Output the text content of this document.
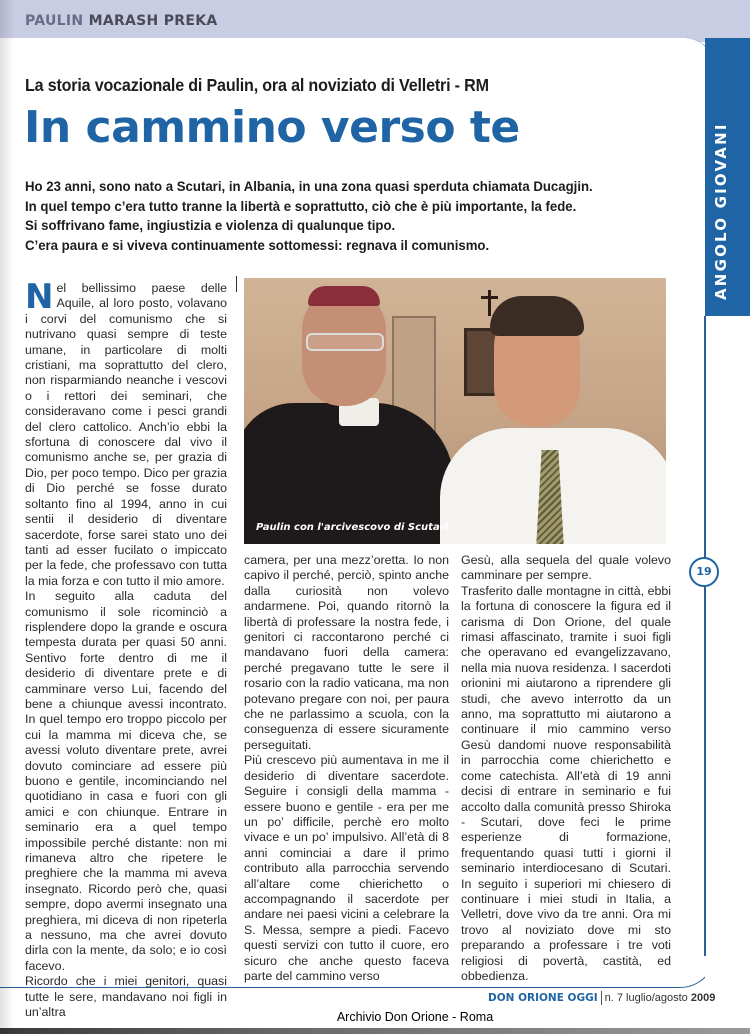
PAULIN MARASH PREKA
ANGOLO GIOVANI
La storia vocazionale di Paulin, ora al noviziato di Velletri - RM
In cammino verso te
Ho 23 anni, sono nato a Scutari, in Albania, in una zona quasi sperduta chiamata Ducagjin.
In quel tempo c’era tutto tranne la libertà e soprattutto, ciò che è più importante, la fede.
Si soffrivano fame, ingiustizia e violenza di qualunque tipo.
C’era paura e si viveva continuamente sottomessi: regnava il comunismo.

Nel bellissimo paese delle Aquile, al loro posto, volavano i corvi del comunismo che si nutrivano quasi sempre di teste umane, in particolare di molti cristiani, ma soprattutto del clero, non risparmiando neanche i vescovi o i rettori dei seminari, che consideravano come i pesci grandi del clero cattolico. Anch’io ebbi la sfortuna di conoscere dal vivo il comunismo anche se, per grazia di Dio, per poco tempo. Dico per grazia di Dio perché se fosse durato soltanto fino al 1994, anno in cui sentii il desiderio di diventare sacerdote, forse sarei stato uno dei tanti ad esser fucilato o impiccato per la fede, che professavo con tutta la mia forza e con tutto il mio amore.

In seguito alla caduta del comunismo il sole ricominciò a risplendere dopo la grande e oscura tempesta durata per quasi 50 anni. Sentivo forte dentro di me il desiderio di diventare prete e di camminare verso Lui, facendo del bene a chiunque avessi incontrato. In quel tempo ero troppo piccolo per cui la mamma mi diceva che, se avessi voluto diventare prete, avrei dovuto cominciare ad essere più buono e gentile, incominciando nel quotidiano in casa e fuori con gli amici e con chiunque. Entrare in seminario era a quel tempo impossibile perché distante: non mi rimaneva altro che ripetere le preghiere che la mamma mi aveva insegnato. Ricordo però che, quasi sempre, dopo avermi insegnato una preghiera, mi diceva di non ripeterla a nessuno, ma che avrei dovuto dirla con la mente, da solo; e io così facevo.

Ricordo che i miei genitori, quasi tutte le sere, mandavano noi figli in un’altra

Paulin con l'arcivescovo di Scutari

camera, per una mezz’oretta. Io non capivo il perché, perciò, spinto anche dalla curiosità non volevo andarmene. Poi, quando ritornò la libertà di professare la nostra fede, i genitori ci raccontarono perché ci mandavano fuori della camera: perché pregavano tutte le sere il rosario con la radio vaticana, ma non potevano pregare con noi, per paura che ne parlassimo a scuola, con la conseguenza di essere sicuramente perseguitati.

Più crescevo più aumentava in me il desiderio di diventare sacerdote. Seguire i consigli della mamma - essere buono e gentile - era per me un po’ difficile, perchè ero molto vivace e un po’ impulsivo. All’età di 8 anni cominciai a dare il primo contributo alla parrocchia servendo all’altare come chierichetto o accompagnando il sacerdote per andare nei paesi vicini a celebrare la S. Messa, sempre a piedi. Facevo questi servizi con tutto il cuore, ero sicuro che anche questo faceva parte del cammino verso

Gesù, alla sequela del quale volevo camminare per sempre.

Trasferito dalle montagne in città, ebbi la fortuna di conoscere la figura ed il carisma di Don Orione, del quale rimasi affascinato, tramite i suoi figli che operavano ed evangelizzavano, nella mia nuova residenza. I sacerdoti orionini mi aiutarono a riprendere gli studi, che avevo interrotto da un anno, ma soprattutto mi aiutarono a continuare il mio cammino verso Gesù dandomi nuove responsabilità in parrocchia come chierichetto e come catechista. All’età di 19 anni decisi di entrare in seminario e fui accolto dalla comunità presso Shiroka - Scutari, dove feci le prime esperienze di formazione, frequentando quasi tutti i giorni il seminario interdiocesano di Scutari. In seguito i superiori mi chiesero di continuare i miei studi in Italia, a Velletri, dove vivo da tre anni. Ora mi trovo al noviziato dove mi sto preparando a professare i tre voti religiosi di povertà, castità, ed obbedienza.

19
DON ORIONE OGGI n. 7 luglio/agosto 2009
Archivio Don Orione - Roma
